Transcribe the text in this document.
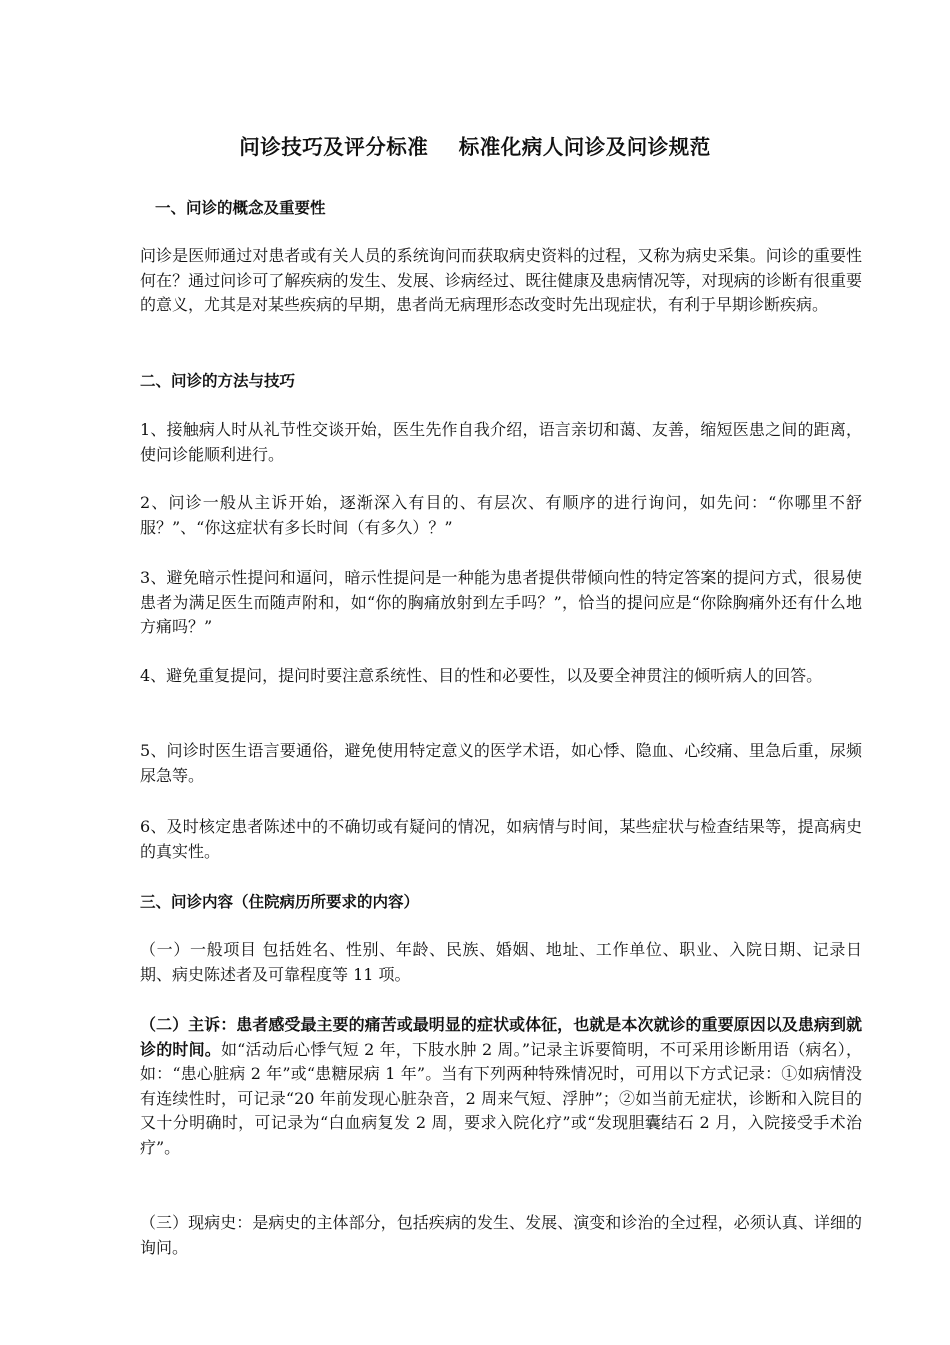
问诊技巧及评分标准    标准化病人问诊及问诊规范
一、问诊的概念及重要性
问诊是医师通过对患者或有关人员的系统询问而获取病史资料的过程，又称为病史采集。问诊的重要性何在？通过问诊可了解疾病的发生、发展、诊病经过、既往健康及患病情况等，对现病的诊断有很重要的意义，尤其是对某些疾病的早期，患者尚无病理形态改变时先出现症状，有利于早期诊断疾病。
二、问诊的方法与技巧
1、接触病人时从礼节性交谈开始，医生先作自我介绍，语言亲切和蔼、友善，缩短医患之间的距离，使问诊能顺利进行。
2、问诊一般从主诉开始，逐渐深入有目的、有层次、有顺序的进行询问，如先问：“你哪里不舒服？”、“你这症状有多长时间（有多久）？”
3、避免暗示性提问和逼问，暗示性提问是一种能为患者提供带倾向性的特定答案的提问方式，很易使患者为满足医生而随声附和，如“你的胸痛放射到左手吗？”，恰当的提问应是“你除胸痛外还有什么地方痛吗？”
4、避免重复提问，提问时要注意系统性、目的性和必要性，以及要全神贯注的倾听病人的回答。
5、问诊时医生语言要通俗，避免使用特定意义的医学术语，如心悸、隐血、心绞痛、里急后重，尿频尿急等。
6、及时核定患者陈述中的不确切或有疑问的情况，如病情与时间，某些症状与检查结果等，提高病史的真实性。
三、问诊内容（住院病历所要求的内容）
（一）一般项目 包括姓名、性别、年龄、民族、婚姻、地址、工作单位、职业、入院日期、记录日期、病史陈述者及可靠程度等 11 项。
（二）主诉：患者感受最主要的痛苦或最明显的症状或体征，也就是本次就诊的重要原因以及患病到就诊的时间。如“活动后心悸气短 2 年，下肢水肿 2 周。”记录主诉要简明，不可采用诊断用语（病名），如：“患心脏病 2 年”或“患糖尿病 1 年”。当有下列两种特殊情况时，可用以下方式记录：①如病情没有连续性时，可记录“20 年前发现心脏杂音，2 周来气短、浮肿”；②如当前无症状，诊断和入院目的又十分明确时，可记录为“白血病复发 2 周，要求入院化疗”或“发现胆囊结石 2 月，入院接受手术治疗”。
（三）现病史：是病史的主体部分，包括疾病的发生、发展、演变和诊治的全过程，必须认真、详细的询问。
